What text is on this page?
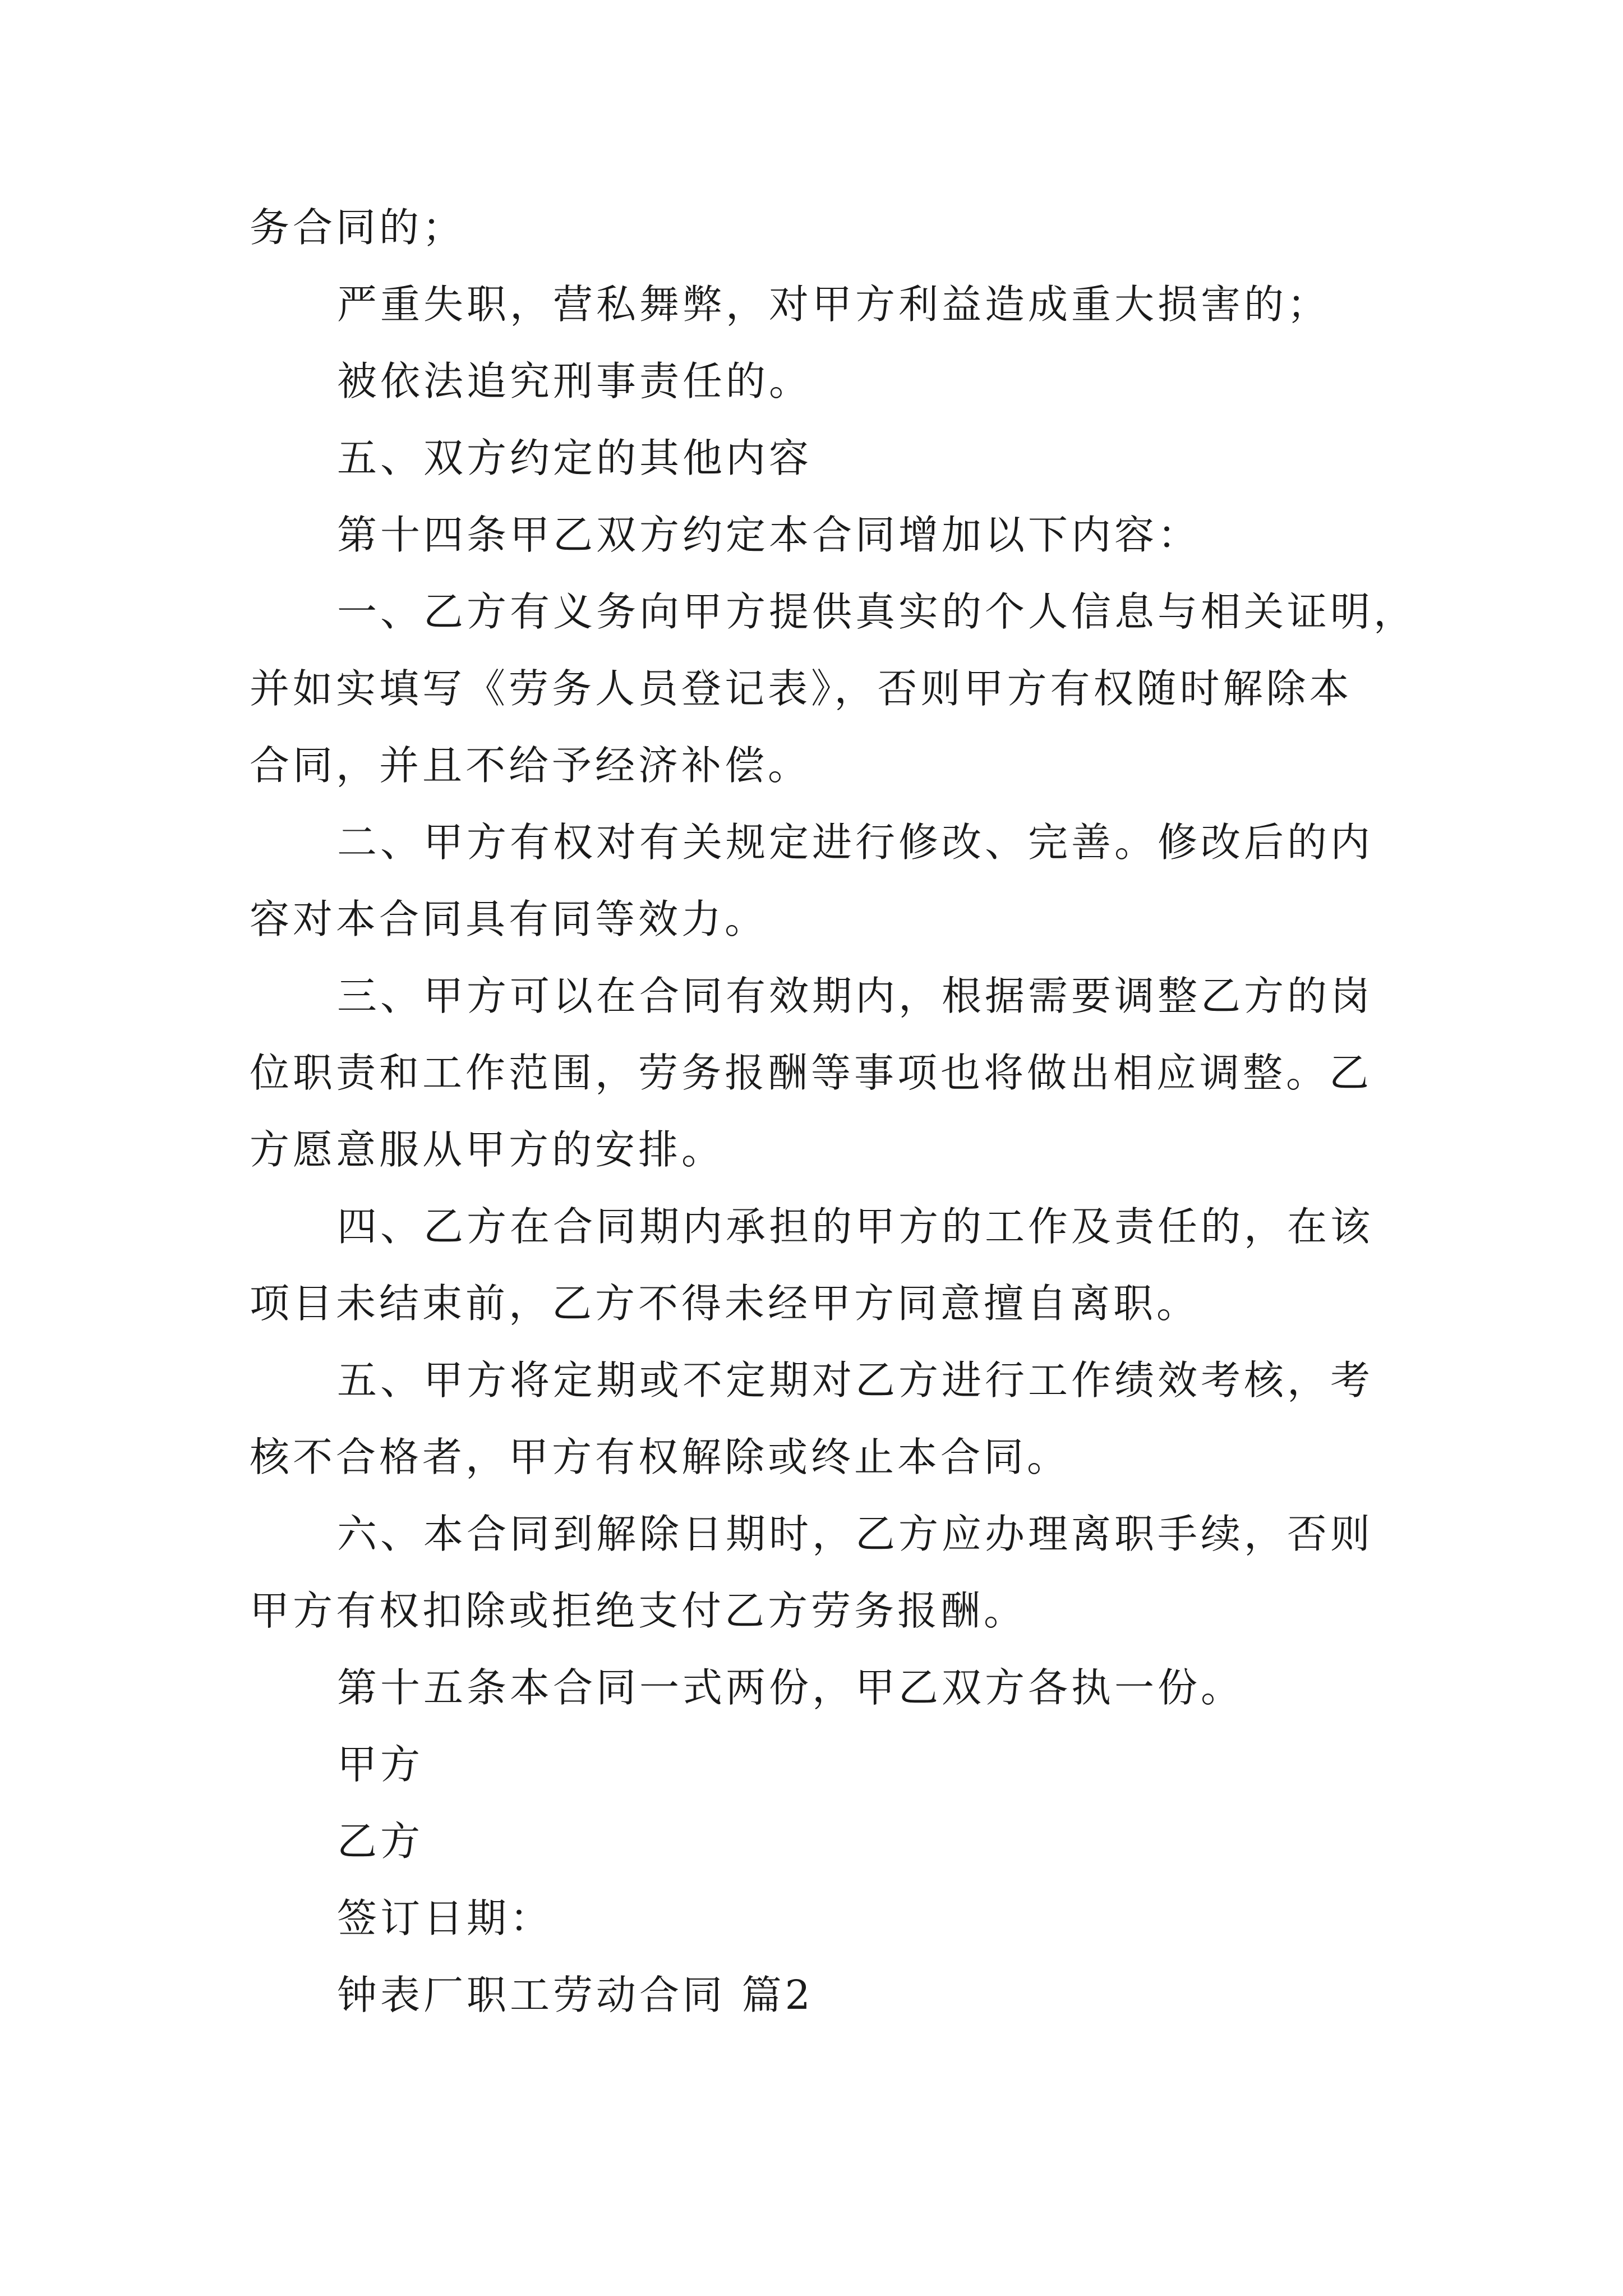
务合同的；
严重失职，营私舞弊，对甲方利益造成重大损害的；
被依法追究刑事责任的。
五、双方约定的其他内容
第十四条甲乙双方约定本合同增加以下内容：
一、乙方有义务向甲方提供真实的个人信息与相关证明，
并如实填写《劳务人员登记表》，否则甲方有权随时解除本
合同，并且不给予经济补偿。
二、甲方有权对有关规定进行修改、完善。修改后的内
容对本合同具有同等效力。
三、甲方可以在合同有效期内，根据需要调整乙方的岗
位职责和工作范围，劳务报酬等事项也将做出相应调整。乙
方愿意服从甲方的安排。
四、乙方在合同期内承担的甲方的工作及责任的，在该
项目未结束前，乙方不得未经甲方同意擅自离职。
五、甲方将定期或不定期对乙方进行工作绩效考核，考
核不合格者，甲方有权解除或终止本合同。
六、本合同到解除日期时，乙方应办理离职手续，否则
甲方有权扣除或拒绝支付乙方劳务报酬。
第十五条本合同一式两份，甲乙双方各执一份。
甲方
乙方
签订日期：
钟表厂职工劳动合同 篇2
